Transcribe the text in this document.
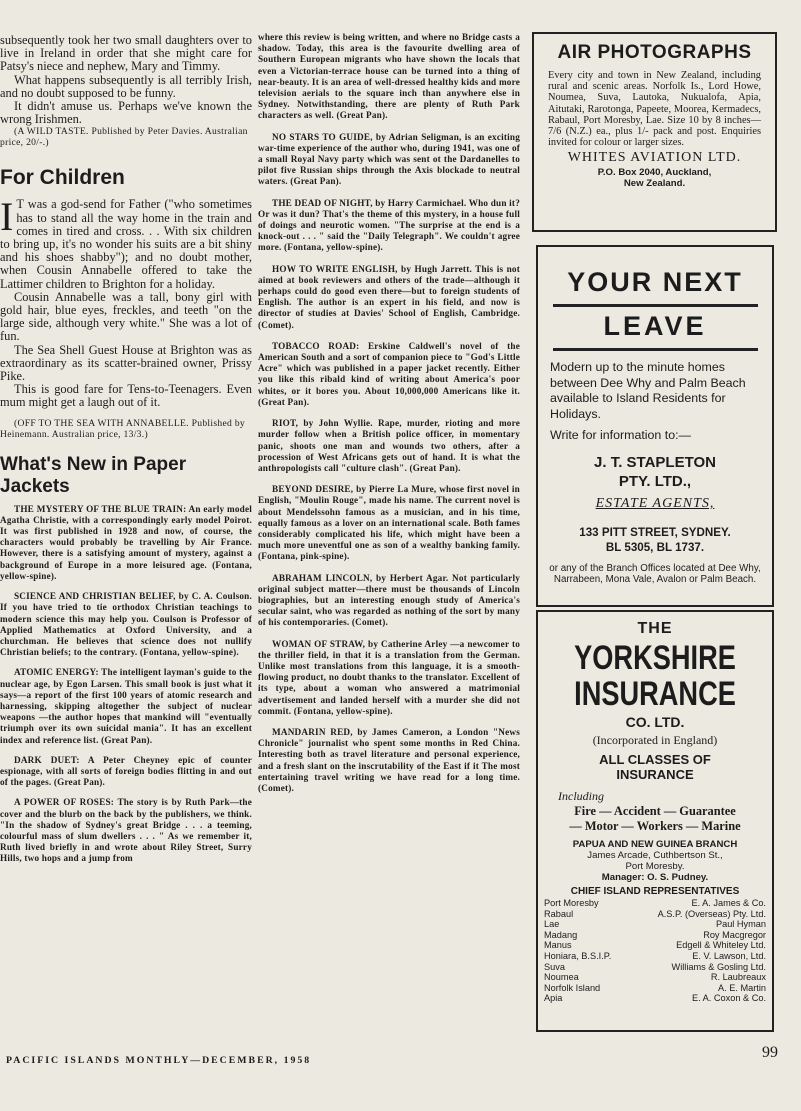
subsequently took her two small daughters over to live in Ireland in order that she might care for Patsy's niece and nephew, Mary and Timmy.

What happens subsequently is all terribly Irish, and no doubt supposed to be funny.

It didn't amuse us. Perhaps we've known the wrong Irishmen.

(A WILD TASTE. Published by Peter Davies. Australian price, 20/-.)

For Children

I T was a god-send for Father ("who sometimes has to stand all the way home in the train and comes in tired and cross. . . With six children to bring up, it's no wonder his suits are a bit shiny and his shoes shabby"); and no doubt mother, when Cousin Annabelle offered to take the Lattimer children to Brighton for a holiday.

Cousin Annabelle was a tall, bony girl with gold hair, blue eyes, freckles, and teeth "on the large side, although very white." She was a lot of fun.

The Sea Shell Guest House at Brighton was as extraordinary as its scatter-brained owner, Prissy Pike.

This is good fare for Tens-to-Teenagers. Even mum might get a laugh out of it.

(OFF TO THE SEA WITH ANNABELLE. Published by Heinemann. Australian price, 13/3.)

What's New in Paper Jackets

THE MYSTERY OF THE BLUE TRAIN: An early model Agatha Christie, with a correspondingly early model Poirot. It was first published in 1928 and now, of course, the characters would probably be travelling by Air France. However, there is a satisfying amount of mystery, against a background of Europe in a more leisured age. (Fontana, yellow-spine).

SCIENCE AND CHRISTIAN BELIEF, by C. A. Coulson. If you have tried to tie orthodox Christian teachings to modern science this may help you. Coulson is Professor of Applied Mathematics at Oxford University, and a churchman. He believes that science does not nullify Christian beliefs; to the contrary. (Fontana, yellow-spine).

ATOMIC ENERGY: The intelligent layman's guide to the nuclear age, by Egon Larsen. This small book is just what it says—a report of the first 100 years of atomic research and harnessing, skipping altogether the subject of nuclear weapons —the author hopes that mankind will "eventually triumph over its own suicidal mania". It has an excellent index and reference list. (Great Pan).

DARK DUET: A Peter Cheyney epic of counter espionage, with all sorts of foreign bodies flitting in and out of the pages. (Great Pan).

A POWER OF ROSES: The story is by Ruth Park—the cover and the blurb on the back by the publishers, we think. "In the shadow of Sydney's great Bridge . . . a teeming, colourful mass of slum dwellers . . . " As we remember it, Ruth lived briefly in and wrote about Riley Street, Surry Hills, two hops and a jump from

where this review is being written, and where no Bridge casts a shadow. Today, this area is the favourite dwelling area of Southern European migrants who have shown the locals that even a Victorian-terrace house can be turned into a thing of near-beauty. It is an area of well-dressed healthy kids and more television aerials to the square inch than anywhere else in Sydney. Notwithstanding, there are plenty of Ruth Park characters as well. (Great Pan).

NO STARS TO GUIDE, by Adrian Seligman, is an exciting war-time experience of the author who, during 1941, was one of a small Royal Navy party which was sent ot the Dardanelles to pilot five Russian ships through the Axis blockade to neutral waters. (Great Pan).

THE DEAD OF NIGHT, by Harry Carmichael. Who dun it? Or was it dun? That's the theme of this mystery, in a house full of doings and neurotic women. "The surprise at the end is a knock-out . . . " said the "Daily Telegraph". We couldn't agree more. (Fontana, yellow-spine).

HOW TO WRITE ENGLISH, by Hugh Jarrett. This is not aimed at book reviewers and others of the trade—although it perhaps could do good even there—but to foreign students of English. The author is an expert in his field, and now is director of studies at Davies' School of English, Cambridge. (Comet).

TOBACCO ROAD: Erskine Caldwell's novel of the American South and a sort of companion piece to "God's Little Acre" which was published in a paper jacket recently. Either you like this ribald kind of writing about America's poor whites, or it bores you. About 10,000,000 Americans like it. (Great Pan).

RIOT, by John Wyllie. Rape, murder, rioting and more murder follow when a British police officer, in momentary panic, shoots one man and wounds two others, after a procession of West Africans gets out of hand. It is what the anthropologists call "culture clash". (Great Pan).

BEYOND DESIRE, by Pierre La Mure, whose first novel in English, "Moulin Rouge", made his name. The current novel is about Mendelssohn famous as a musician, and in his time, equally famous as a lover on an international scale. Both fames considerably complicated his life, which might have been a much more uneventful one as son of a wealthy banking family. (Fontana, pink-spine).

ABRAHAM LINCOLN, by Herbert Agar. Not particularly original subject matter—there must be thousands of Lincoln biographies, but an interesting enough study of America's secular saint, who was regarded as nothing of the sort by many of his contemporaries. (Comet).

WOMAN OF STRAW, by Catherine Arley —a newcomer to the thriller field, in that it is a translation from the German. Unlike most translations from this language, it is a smooth-flowing product, no doubt thanks to the translator. Excellent of its type, about a woman who answered a matrimonial advertisement and landed herself with a murder she did not commit. (Fontana, yellow-spine).

MANDARIN RED, by James Cameron, a London "News Chronicle" journalist who spent some months in Red China. Interesting both as travel literature and personal experience, and a fresh slant on the inscrutability of the East if it The most entertaining travel writing we have read for a long time. (Comet).

AIR PHOTOGRAPHS

Every city and town in New Zealand, including rural and scenic areas. Norfolk Is., Lord Howe, Noumea, Suva, Lautoka, Nukualofa, Apia, Aitutaki, Rarotonga, Papeete, Moorea, Kermadecs, Rabaul, Port Moresby, Lae. Size 10 by 8 inches—7/6 (N.Z.) ea., plus 1/- pack and post. Enquiries invited for colour or larger sizes.

WHITES AVIATION LTD.
P.O. Box 2040, Auckland,
New Zealand.
YOUR NEXT
LEAVE

Modern up to the minute homes between Dee Why and Palm Beach available to Island Residents for Holidays.

Write for information to:—

J. T. STAPLETON
PTY. LTD.,
ESTATE AGENTS,
133 PITT STREET, SYDNEY.
BL 5305, BL 1737.

or any of the Branch Offices located at Dee Why, Narrabeen, Mona Vale, Avalon or Palm Beach.

THE
YORKSHIRE
INSURANCE
CO. LTD.
(Incorporated in England)
ALL CLASSES OF
INSURANCE
Including
Fire — Accident — Guarantee
— Motor — Workers — Marine
PAPUA AND NEW GUINEA BRANCH
James Arcade, Cuthbertson St.,
Port Moresby.
Manager: O. S. Pudney.
CHIEF ISLAND REPRESENTATIVES
Port Moresby	E. A. James & Co.
Rabaul	A.S.P. (Overseas) Pty. Ltd.
Lae	Paul Hyman
Madang	Roy Macgregor
Manus	Edgell & Whiteley Ltd.
Honiara, B.S.I.P.	E. V. Lawson, Ltd.
Suva	Williams & Gosling Ltd.
Noumea	R. Laubreaux
Norfolk Island	A. E. Martin
Apia	E. A. Coxon & Co.
PACIFIC ISLANDS MONTHLY—DECEMBER, 1958	99
